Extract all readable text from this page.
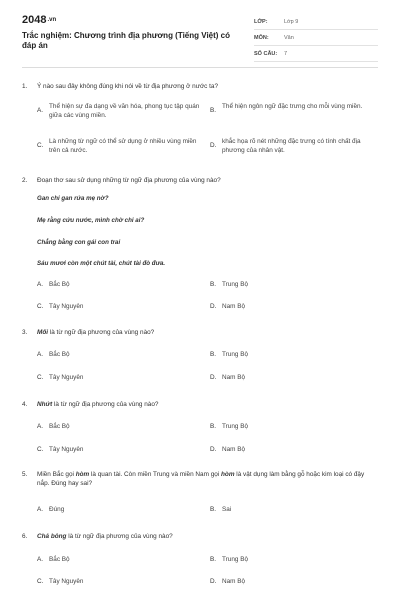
$2048^{.vn}$
Trắc nghiệm: Chương trình địa phương (Tiếng Việt) có đáp án
LỚP:	Lớp 9
MÔN:	Văn
SỐ CÂU:	7
1.	Ý nào sau đây không đúng khi nói về từ địa phương ở nước ta?
A.
Thể hiện sự đa dạng về văn hóa, phong tục tập quán giữa các vùng miền.
B.
Thể hiện ngôn ngữ đặc trưng cho mỗi vùng miền.
C.
Là những từ ngữ có thể sử dụng ở nhiều vùng miền trên cả nước.
D.
khắc họa rõ nét những đặc trưng có tính chất địa phương của nhân vật.
2.	Đoạn thơ sau sử dụng những từ ngữ địa phương của vùng nào?
Gan chi gan rứa mẹ nờ?
Mẹ rằng cứu nước, mình chờ chi ai?
Chẳng bằng con gái con trai
Sáu mươi còn một chút tài, chút tài đò đưa.
A. Bắc Bộ	B. Trung Bộ
C. Tây Nguyên	D. Nam Bộ
3.	Mői là từ ngữ địa phương của vùng nào?
A. Bắc Bộ	B. Trung Bộ
C. Tây Nguyên	D. Nam Bộ
4.	Nhứt là từ ngữ địa phương của vùng nào?
A. Bắc Bộ	B. Trung Bộ
C. Tây Nguyên	D. Nam Bộ
5.	Miền Bắc gọi hòm là quan tài. Còn miền Trung và miền Nam gọi hòm là vật dụng làm bằng gỗ hoặc kim loại có đậy nắp. Đúng hay sai?
A. Đúng	B. Sai
6.	Chả bông là từ ngữ địa phương của vùng nào?
A. Bắc Bộ	B. Trung Bộ
C. Tây Nguyên	D. Nam Bộ
